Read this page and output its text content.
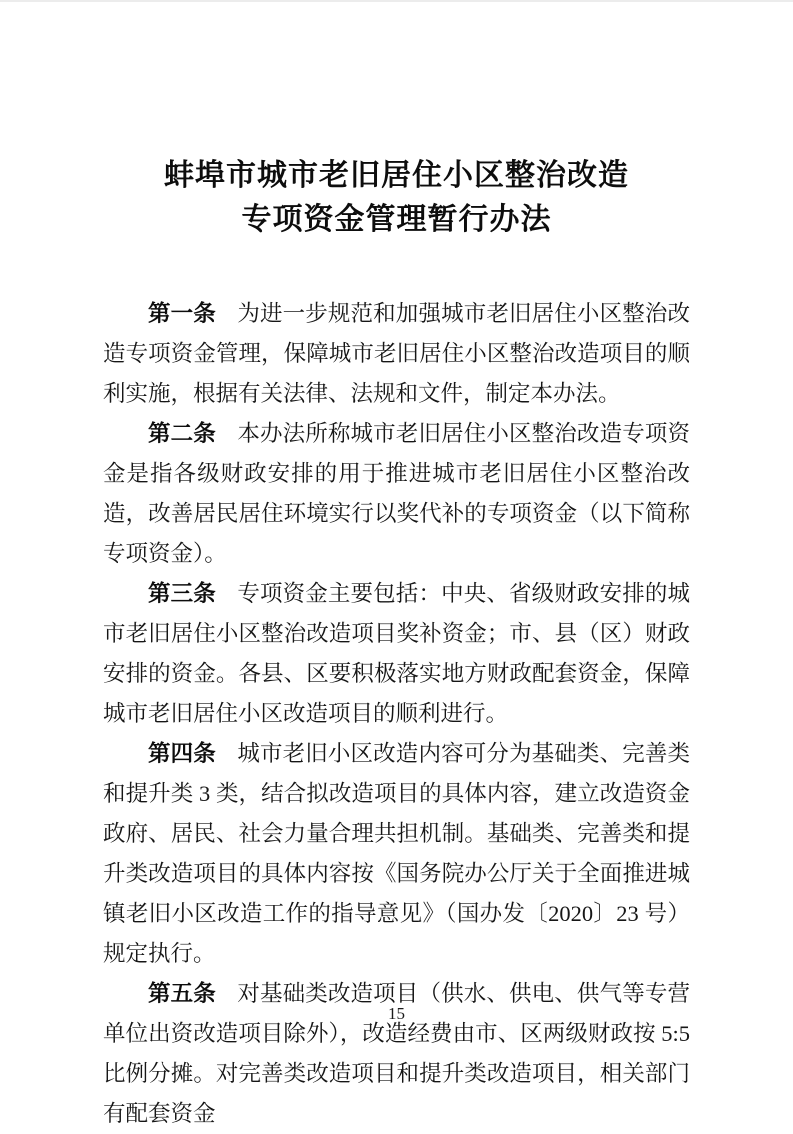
蚌埠市城市老旧居住小区整治改造
专项资金管理暂行办法

第一条 为进一步规范和加强城市老旧居住小区整治改造专项资金管理，保障城市老旧居住小区整治改造项目的顺利实施，根据有关法律、法规和文件，制定本办法。

第二条 本办法所称城市老旧居住小区整治改造专项资金是指各级财政安排的用于推进城市老旧居住小区整治改造，改善居民居住环境实行以奖代补的专项资金（以下简称专项资金）。

第三条 专项资金主要包括：中央、省级财政安排的城市老旧居住小区整治改造项目奖补资金；市、县（区）财政安排的资金。各县、区要积极落实地方财政配套资金，保障城市老旧居住小区改造项目的顺利进行。

第四条 城市老旧小区改造内容可分为基础类、完善类和提升类 3 类，结合拟改造项目的具体内容，建立改造资金政府、居民、社会力量合理共担机制。基础类、完善类和提升类改造项目的具体内容按《国务院办公厅关于全面推进城镇老旧小区改造工作的指导意见》（国办发〔2020〕23 号）规定执行。

第五条 对基础类改造项目（供水、供电、供气等专营单位出资改造项目除外），改造经费由市、区两级财政按 5:5 比例分摊。对完善类改造项目和提升类改造项目，相关部门有配套资金

15
